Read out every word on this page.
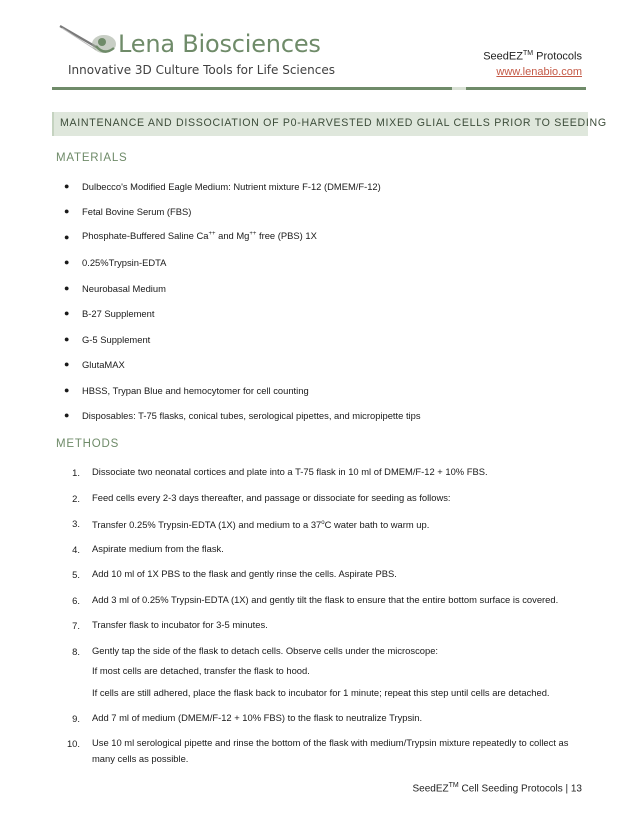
Lena Biosciences
Innovative 3D Culture Tools for Life Sciences
SeedEZ™ Protocols
www.lenabio.com
MAINTENANCE AND DISSOCIATION OF P0-HARVESTED MIXED GLIAL CELLS PRIOR TO SEEDING
MATERIALS
● Dulbecco's Modified Eagle Medium: Nutrient mixture F-12 (DMEM/F-12)
● Fetal Bovine Serum (FBS)
● Phosphate-Buffered Saline Ca++ and Mg++ free (PBS) 1X
● 0.25%Trypsin-EDTA
● Neurobasal Medium
● B-27 Supplement
● G-5 Supplement
● GlutaMAX
● HBSS, Trypan Blue and hemocytomer for cell counting
● Disposables: T-75 flasks, conical tubes, serological pipettes, and micropipette tips
METHODS
1. Dissociate two neonatal cortices and plate into a T-75 flask in 10 ml of DMEM/F-12 + 10% FBS.
2. Feed cells every 2-3 days thereafter, and passage or dissociate for seeding as follows:
3. Transfer 0.25% Trypsin-EDTA (1X) and medium to a 37$^o$C water bath to warm up.
4. Aspirate medium from the flask.
5. Add 10 ml of 1X PBS to the flask and gently rinse the cells. Aspirate PBS.
6. Add 3 ml of 0.25% Trypsin-EDTA (1X) and gently tilt the flask to ensure that the entire bottom surface is covered.
7. Transfer flask to incubator for 3-5 minutes.
8. Gently tap the side of the flask to detach cells. Observe cells under the microscope:
If most cells are detached, transfer the flask to hood.
If cells are still adhered, place the flask back to incubator for 1 minute; repeat this step until cells are detached.
9. Add 7 ml of medium (DMEM/F-12 + 10% FBS) to the flask to neutralize Trypsin.
10. Use 10 ml serological pipette and rinse the bottom of the flask with medium/Trypsin mixture repeatedly to collect as many cells as possible.
SeedEZ™ Cell Seeding Protocols | 13
